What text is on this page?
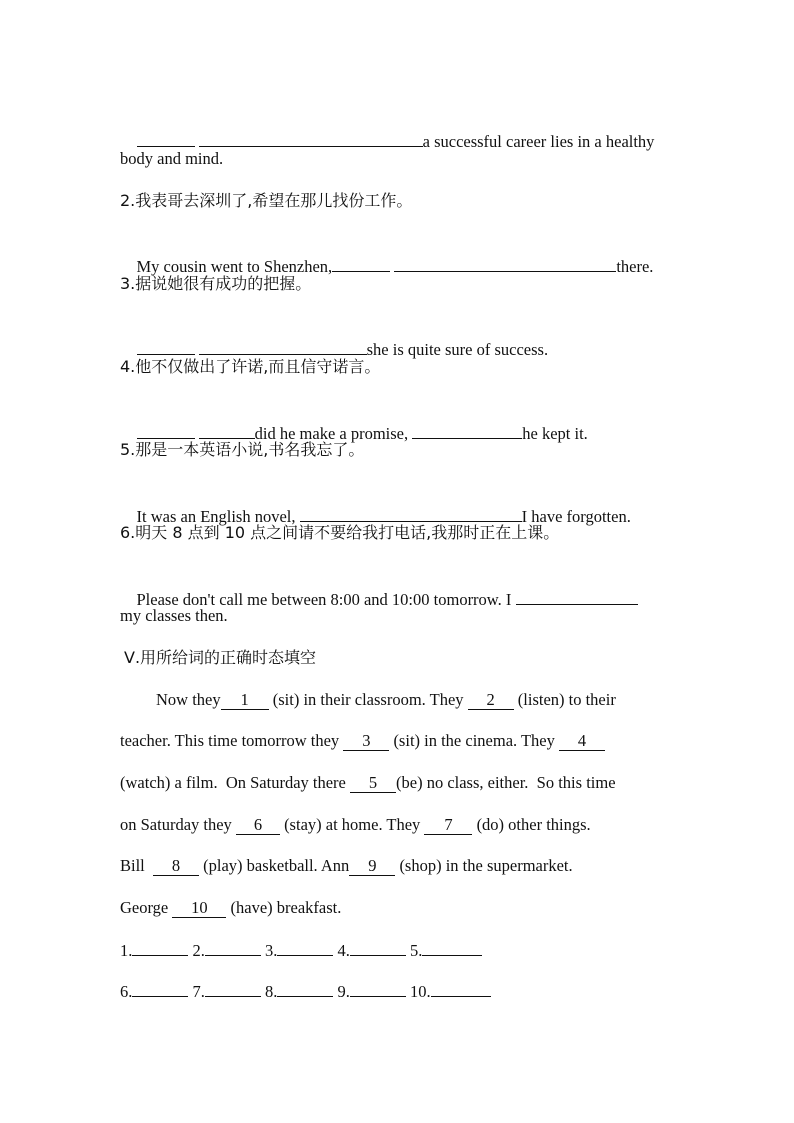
a successful career lies in a healthy

body and mind.
2.我表哥去深圳了,希望在那儿找份工作。

My cousin went to Shenzhen,	there.

3.据说她很有成功的把握。

she is quite sure of success.

4.他不仅做出了许诺,而且信守诺言。

did he make a promise,	he kept it.

5.那是一本英语小说,书名我忘了。

It was an English novel,	I have forgotten.

6.明天 8 点到 10 点之间请不要给我打电话,我那时正在上课。

Please don't call me between 8:00 and 10:00 tomorrow. I

my classes then.
Ⅴ.用所给词的正确时态填空
Now they 1 (sit) in their classroom. They 2 (listen) to their
teacher. This time tomorrow they 3 (sit) in the cinema. They 4
(watch) a film.  On Saturday there 5 (be) no class, either.  So this time
on Saturday they 6 (stay) at home. They 7 (do) other things.
Bill 8 (play) basketball. Ann 9 (shop) in the supermarket.
George 10 (have) breakfast.
1.	2.	3.	4.	5.
6.	7.	8.	9.	10.
